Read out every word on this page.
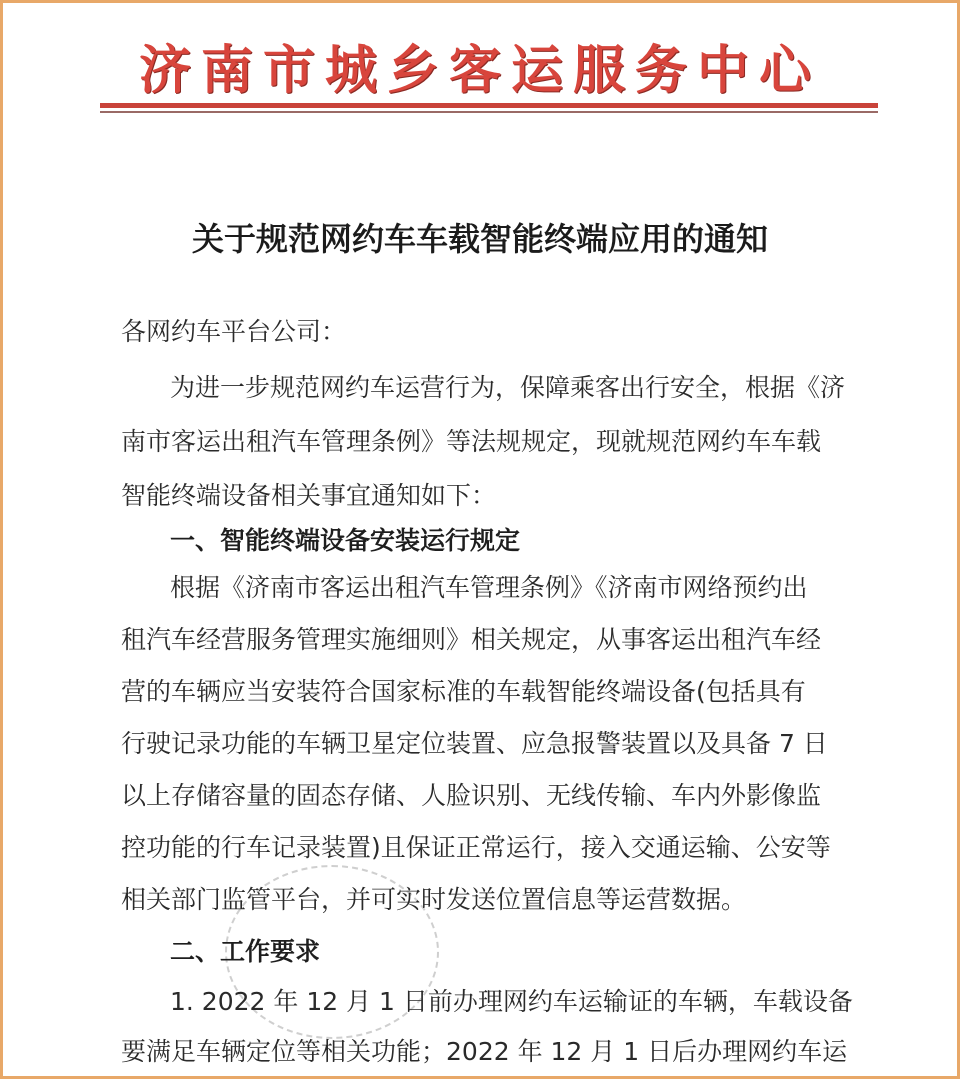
济南市城乡客运服务中心
关于规范网约车车载智能终端应用的通知
各网约车平台公司：
为进一步规范网约车运营行为，保障乘客出行安全，根据《济
南市客运出租汽车管理条例》等法规规定，现就规范网约车车载
智能终端设备相关事宜通知如下：
一、智能终端设备安装运行规定
根据《济南市客运出租汽车管理条例》《济南市网络预约出
租汽车经营服务管理实施细则》相关规定，从事客运出租汽车经
营的车辆应当安装符合国家标准的车载智能终端设备(包括具有
行驶记录功能的车辆卫星定位装置、应急报警装置以及具备 7 日
以上存储容量的固态存储、人脸识别、无线传输、车内外影像监
控功能的行车记录装置)且保证正常运行，接入交通运输、公安等
相关部门监管平台，并可实时发送位置信息等运营数据。
二、工作要求
1. 2022 年 12 月 1 日前办理网约车运输证的车辆，车载设备
要满足车辆定位等相关功能；2022 年 12 月 1 日后办理网约车运
